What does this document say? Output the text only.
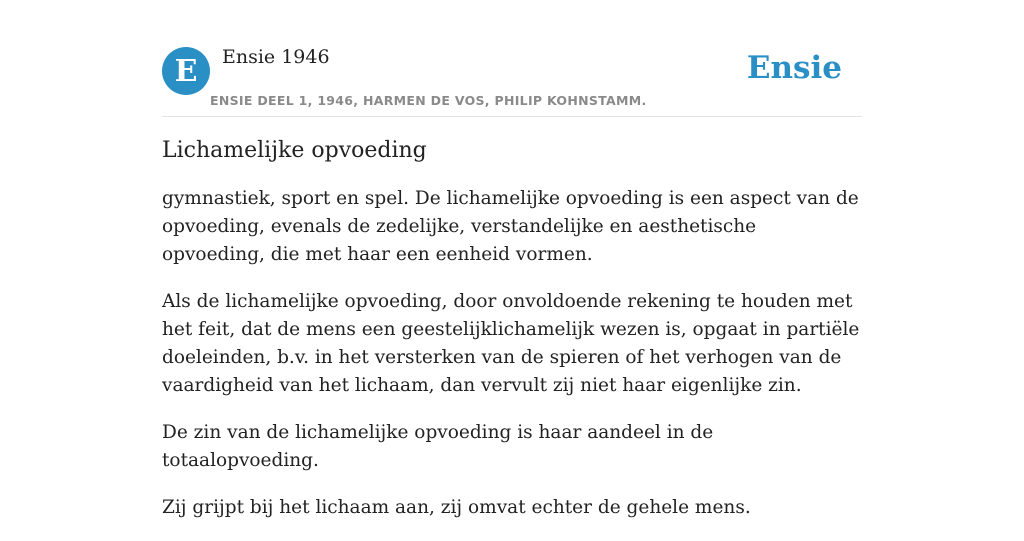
E	Ensie 1946
ENSIE DEEL 1, 1946, HARMEN DE VOS, PHILIP KOHNSTAMM.
Ensie
Lichamelijke opvoeding

gymnastiek, sport en spel. De lichamelijke opvoeding is een aspect van de opvoeding, evenals de zedelijke, verstandelijke en aesthetische opvoeding, die met haar een eenheid vormen.

Als de lichamelijke opvoeding, door onvoldoende rekening te houden met het feit, dat de mens een geestelijklichamelijk wezen is, opgaat in partiële doeleinden, b.v. in het versterken van de spieren of het verhogen van de vaardigheid van het lichaam, dan vervult zij niet haar eigenlijke zin.

De zin van de lichamelijke opvoeding is haar aandeel in de totaalopvoeding.

Zij grijpt bij het lichaam aan, zij omvat echter de gehele mens.
